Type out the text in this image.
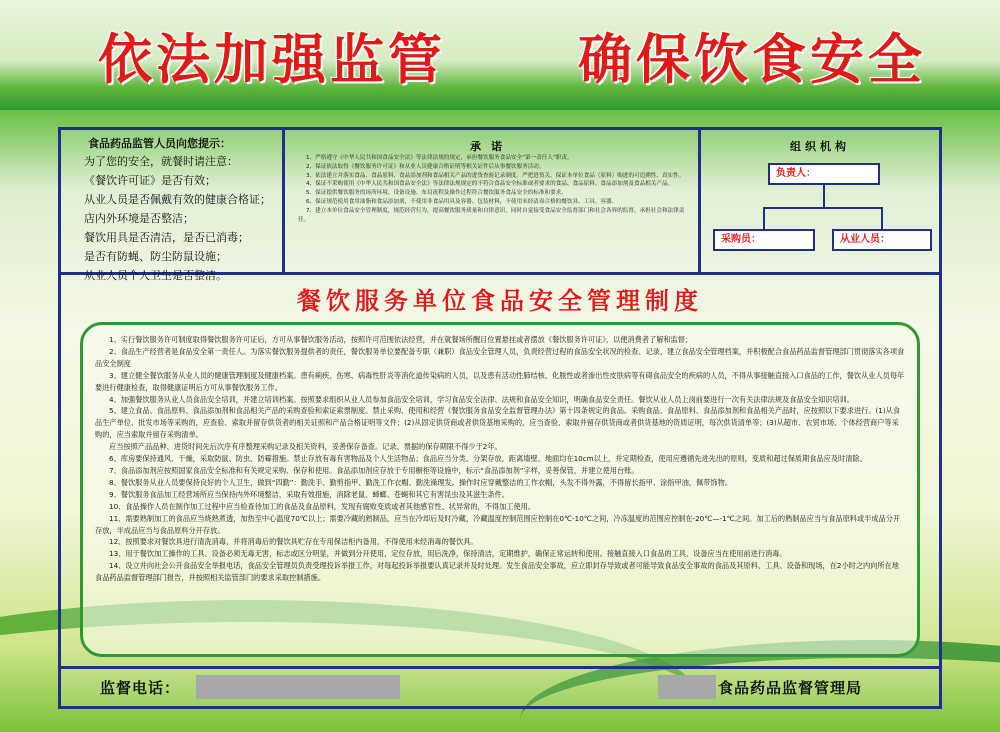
依法加强监管 确保饮食安全
食品药品监管人员向您提示：
为了您的安全，就餐时请注意：
《餐饮许可证》是否有效；
从业人员是否佩戴有效的健康合格证；
店内外环境是否整洁；
餐饮用具是否清洁，是否已消毒；
是否有防蝇、防尘防鼠设施；
从业人员个人卫生是否整洁。
承诺
1、严格遵守《中华人民共和国食品安全法》等法律法规的规定，承担餐饮服务食品安全“第一责任人”职责。
2、保证依法取得《餐饮服务许可证》和从业人员健康合格证明等相关证件后从事餐饮服务活动。
3、依法建立并落实食品、食品原料、食品添加剂和食品相关产品的进货查验记录制度。严把进货关，保证本单位食品（原料）购进的可追溯性、真实性。
4、保证不采购使用《中华人民共和国食品安全法》等法律法规规定的不符合食品安全标准或者要求的食品、食品原料、食品添加剂及食品相关产品。
5、保证提供餐饮服务的场所环境、设备设施、布局流程及操作过程符合餐饮服务食品安全的标准和要求。
6、保证规范使用食用油脂和食品添加剂，不使用非食品用具及容器、包装材料，不使用未经清毒合格的餐饮具、工具、容器。
7、建立本单位食品安全管理制度，规范经营行为，提高餐饮服务质量和自律意识，同时自觉接受食品安全监督部门和社会各界的监督，承担社会和法律责任。
组织机构
负责人：
采购员：	从业人员：
餐饮服务单位食品安全管理制度
1、实行餐饮服务许可制度取得餐饮服务许可证后，方可从事餐饮服务活动，按照许可范围依法经营，并在就餐场所醒目位置悬挂或者摆放《餐饮服务许可证》，以便消费者了解和监督；
2、食品生产经营者是食品安全第一责任人。为落实餐饮服务提供者的责任，餐饮服务单位要配备专职（兼职）食品安全管理人员，负责经营过程的食品安全状况的检查、记录，建立食品安全管理档案，并积极配合食品药品监督管理部门贯彻落实各项食品安全制度
3、建立健全餐饮服务从业人员的健康管理制度及健康档案。患有痢疾、伤寒、病毒性肝炎等消化道传染病的人员，以及患有活动性肺结核、化脓性或者渗出性皮肤病等有碍食品安全的疾病的人员，不得从事接触直接入口食品的工作，餐饮从业人员每年要进行健康检查，取得健康证明后方可从事餐饮服务工作。
4、加强餐饮服务从业人员食品安全培训，并建立培训档案。按照要求组织从业人员参加食品安全培训，学习食品安全法律、法规和食品安全知识，明确食品安全责任。餐饮从业人员上岗前要进行一次有关法律法规及食品安全知识培训。
5、建立食品、食品原料、食品添加剂和食品相关产品的采购查验和索证索票制度。禁止采购、使用和经营《餐饮服务食品安全监督管理办法》第十四条规定的食品。采购食品、食品原料、食品添加剂和食品相关产品时，应按照以下要求进行。(1)从食品生产单位、批发市场等采购的，应查验、索取并留存供货者的相关证照和产品合格证明等文件；(2)从固定供货商或者供货基地采购的，应当查验、索取并留存供货商或者供货基地的资质证明，每次供货清单等；(3)从超市、农贸市场、个体经营商户等采购的，应当索取并留存采购清单。
应当按照产品品种、进货时间先后次序有序整理采购记录及相关资料，妥善保存备查。记录、票据的保存期限不得少于2年。
6、库房要保持通风、干燥，采取防鼠、防虫、防霉措施。禁止存放有毒有害物品及个人生活物品；食品应当分类、分架存放，距离墙壁、地面均在10cm以上，并定期检查，使用应遵循先进先出的原则，变质和超过保质期食品应及时清除。
7、食品添加剂应按照国家食品安全标准和有关规定采购、保存和使用。食品添加剂应存放于专用橱柜等设施中，标示“食品添加剂”字样，妥善保管，并建立使用台账。
8、餐饮服务从业人员要保持良好的个人卫生，做到“四勤”：勤洗手、勤剪指甲、勤洗工作衣帽、勤洗澡理发。操作时应穿戴整洁的工作衣帽，头发不得外露，不得留长指甲、涂指甲油，佩带饰物。
9、餐饮服务食品加工经营场所应当保持内外环境整洁，采取有效措施，消除老鼠、蟑螂、苍蝇和其它有害昆虫及其滋生条件。
10、食品操作人员在制作加工过程中应当检查待加工的食品及食品原料，发现有腐败变质或者其他感官性、状异常的，不得加工使用。
11、需要熟制加工的食品应当烧熟煮透，加热至中心温度70℃以上；需要冷藏的熟制品，应当在冷却后及时冷藏，冷藏温度控制范围应控制在0℃-10℃之间，冷冻温度的范围应控制在-20℃—-1℃之间。加工后的熟制品应当与食品原料或半成品分开存放，半成品应当与食品原料分开存放。
12、按照要求对餐饮具进行清洗消毒，并将消毒后的餐饮具贮存在专用保洁柜内备用，不得使用未经消毒的餐饮具。
13、用于餐饮加工操作的工具、设备必须无毒无害，标志或区分明显，并做到分开使用，定位存放，用后洗净，保持清洁，定期维护，确保正常运转和使用。接触直接入口食品的工具、设备应当在使用前进行消毒。
14、设立并向社会公开食品安全举报电话，食品安全管理员负责受理投诉举报工作，对每起投诉举报要认真记录并及时处理。发生食品安全事故，应立即封存导致或者可能导致食品安全事故的食品及其原料、工具、设备和现场，在2小时之内向所在地食品药品监督管理部门报告，并按照相关监管部门的要求采取控制措施。
监督电话：	食品药品监督管理局
